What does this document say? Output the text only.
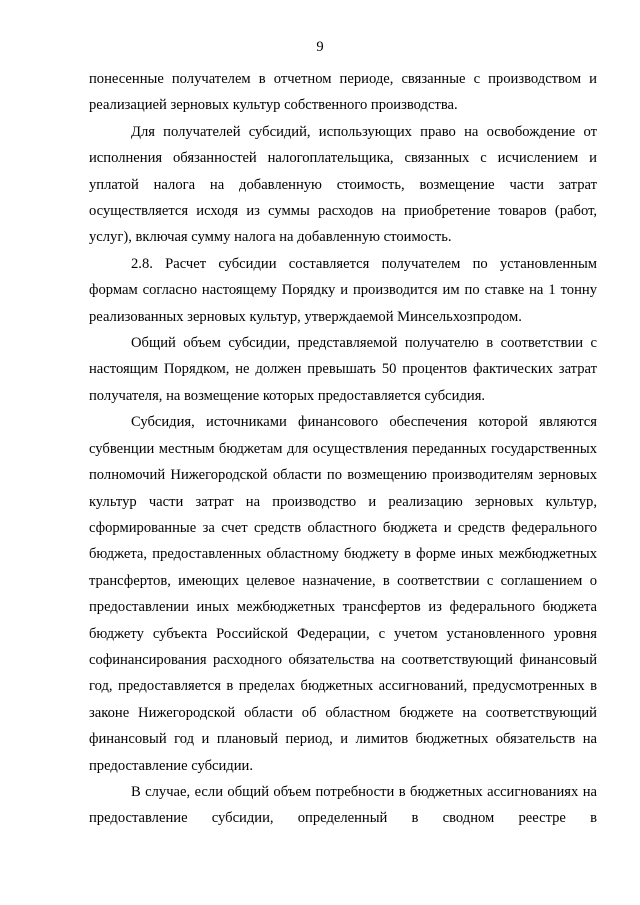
9

понесенные получателем в отчетном периоде, связанные с производством и реализацией зерновых культур собственного производства.

Для получателей субсидий, использующих право на освобождение от исполнения обязанностей налогоплательщика, связанных с исчислением и уплатой налога на добавленную стоимость, возмещение части затрат осуществляется исходя из суммы расходов на приобретение товаров (работ, услуг), включая сумму налога на добавленную стоимость.

2.8. Расчет субсидии составляется получателем по установленным формам согласно настоящему Порядку и производится им по ставке на 1 тонну реализованных зерновых культур, утверждаемой Минсельхозпродом.

Общий объем субсидии, представляемой получателю в соответствии с настоящим Порядком, не должен превышать 50 процентов фактических затрат получателя, на возмещение которых предоставляется субсидия.

Субсидия, источниками финансового обеспечения которой являются субвенции местным бюджетам для осуществления переданных государственных полномочий Нижегородской области по возмещению производителям зерновых культур части затрат на производство и реализацию зерновых культур, сформированные за счет средств областного бюджета и средств федерального бюджета, предоставленных областному бюджету в форме иных межбюджетных трансфертов, имеющих целевое назначение, в соответствии с соглашением о предоставлении иных межбюджетных трансфертов из федерального бюджета бюджету субъекта Российской Федерации, с учетом установленного уровня софинансирования расходного обязательства на соответствующий финансовый год, предоставляется в пределах бюджетных ассигнований, предусмотренных в законе Нижегородской области об областном бюджете на соответствующий финансовый год и плановый период, и лимитов бюджетных обязательств на предоставление субсидии.

В случае, если общий объем потребности в бюджетных ассигнованиях на предоставление субсидии, определенный в сводном реестре в
